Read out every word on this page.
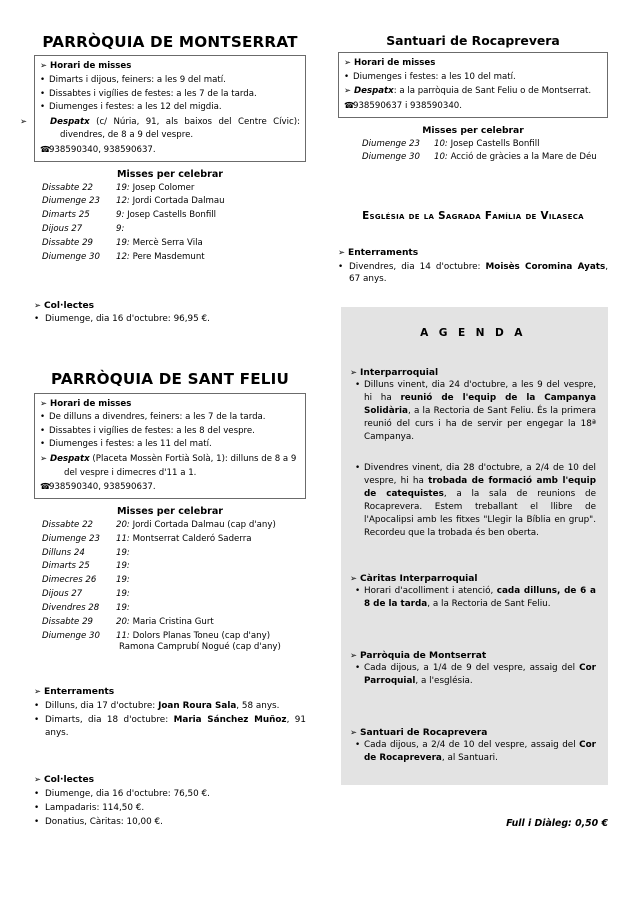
PARRÒQUIA DE MONTSERRAT
➢ Horari de misses
• Dimarts i dijous, feiners: a les 9 del matí.
• Dissabtes i vigílies de festes: a les 7 de la tarda.
• Diumenges i festes: a les 12 del migdia.
➢	Despatx (c/ Núria, 91, als baixos del Centre Cívic):
divendres, de 8 a 9 del vespre.
☎938590340, 938590637.
Misses per celebrar
Dissabte 22	19: Josep Colomer
Diumenge 23	12: Jordi Cortada Dalmau
Dimarts 25	9: Josep Castells Bonfill
Dijous 27	9:
Dissabte 29	19: Mercè Serra Vila
Diumenge 30	12: Pere Masdemunt
➢ Col·lectes
• Diumenge, dia 16 d'octubre: 96,95 €.
PARRÒQUIA DE SANT FELIU
➢ Horari de misses
• De dilluns a divendres, feiners: a les 7 de la tarda.
• Dissabtes i vigílies de festes: a les 8 del vespre.
• Diumenges i festes: a les 11 del matí.
➢ Despatx (Placeta Mossèn Fortià Solà, 1): dilluns de 8 a 9
del vespre i dimecres d'11 a 1.
☎938590340, 938590637.
Misses per celebrar
Dissabte 22	20: Jordi Cortada Dalmau (cap d'any)
Diumenge 23	11: Montserrat Calderó Saderra
Dilluns 24	19:
Dimarts 25	19:
Dimecres 26	19:
Dijous 27	19:
Divendres 28	19:
Dissabte 29	20: Maria Cristina Gurt
Diumenge 30	11: Dolors Planas Toneu (cap d'any)
Ramona Camprubí Nogué (cap d'any)
➢ Enterraments
• Dilluns, dia 17 d'octubre: Joan Roura Sala, 58 anys.
• Dimarts, dia 18 d'octubre: Maria Sánchez Muñoz, 91 anys.
➢ Col·lectes
• Diumenge, dia 16 d'octubre: 76,50 €.
• Lampadaris: 114,50 €.
• Donatius, Càritas: 10,00 €.
Santuari de Rocaprevera
➢ Horari de misses
• Diumenges i festes: a les 10 del matí.
➢ Despatx: a la parròquia de Sant Feliu o de Montserrat.
☎938590637 i 938590340.
Misses per celebrar
Diumenge 23	10: Josep Castells Bonfill
Diumenge 30	10: Acció de gràcies a la Mare de Déu
Església de la Sagrada Família de Vilaseca
➢ Enterraments
• Divendres, dia 14 d'octubre: Moisès Coromina Ayats, 67 anys.
A G E N D A
➢ Interparroquial
• Dilluns vinent, dia 24 d'octubre, a les 9 del vespre, hi ha reunió de l'equip de la Campanya Solidària, a la Rectoria de Sant Feliu. És la primera reunió del curs i ha de servir per engegar la 18ª Campanya.
• Divendres vinent, dia 28 d'octubre, a 2/4 de 10 del vespre, hi ha trobada de formació amb l'equip de catequistes, a la sala de reunions de Rocaprevera. Estem treballant el llibre de l'Apocalipsi amb les fitxes "Llegir la Bíblia en grup". Recordeu que la trobada és ben oberta.
➢ Càritas Interparroquial
• Horari d'acolliment i atenció, cada dilluns, de 6 a 8 de la tarda, a la Rectoria de Sant Feliu.
➢ Parròquia de Montserrat
• Cada dijous, a 1/4 de 9 del vespre, assaig del Cor Parroquial, a l'església.
➢ Santuari de Rocaprevera
• Cada dijous, a 2/4 de 10 del vespre, assaig del Cor de Rocaprevera, al Santuari.
Full i Diàleg: 0,50 €
